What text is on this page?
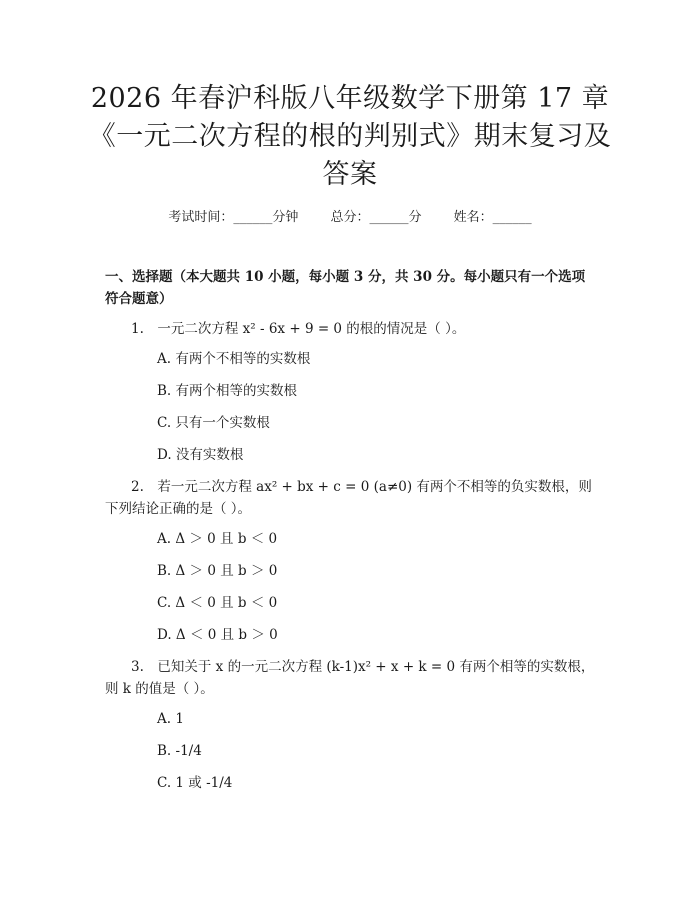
2026 年春沪科版八年级数学下册第 17 章
《一元二次方程的根的判别式》期末复习及
答案
考试时间：______分钟 总分：______分 姓名：______

一、选择题（本大题共 10 小题，每小题 3 分，共 30 分。每小题只有一个选项符合题意）

1.　一元二次方程 x² - 6x + 9 = 0 的根的情况是（ ）。

A. 有两个不相等的实数根

B. 有两个相等的实数根

C. 只有一个实数根

D. 没有实数根

2.　若一元二次方程 ax² + bx + c = 0 (a≠0) 有两个不相等的负实数根，则下列结论正确的是（ ）。

A. Δ ＞ 0 且 b ＜ 0

B. Δ ＞ 0 且 b ＞ 0

C. Δ ＜ 0 且 b ＜ 0

D. Δ ＜ 0 且 b ＞ 0

3.　已知关于 x 的一元二次方程 (k-1)x² + x + k = 0 有两个相等的实数根，则 k 的值是（ ）。

A. 1

B. -1/4

C. 1 或 -1/4
